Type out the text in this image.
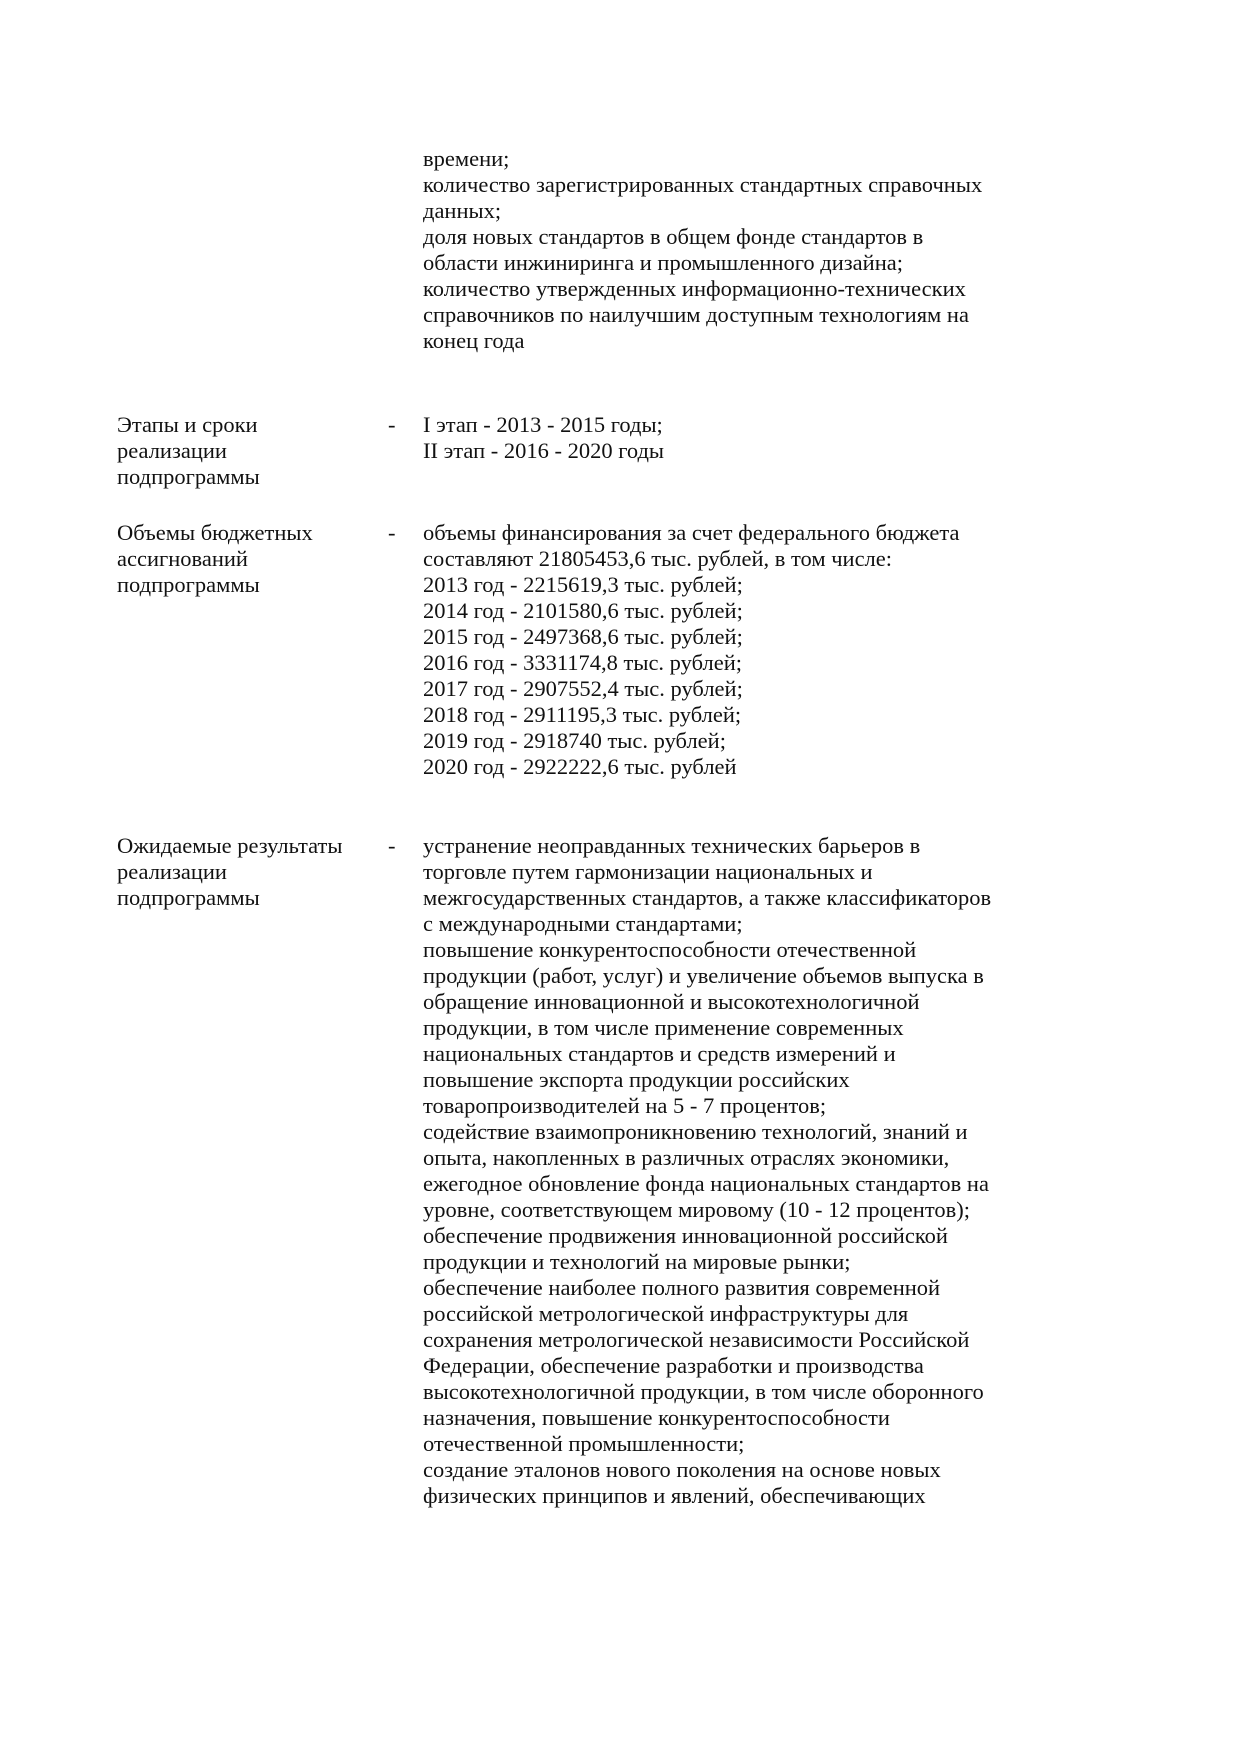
времени;
количество зарегистрированных стандартных справочных
данных;
доля новых стандартов в общем фонде стандартов в
области инжиниринга и промышленного дизайна;
количество утвержденных информационно-технических
справочников по наилучшим доступным технологиям на
конец года
Этапы и сроки
реализации
подпрограммы
- I этап - 2013 - 2015 годы;
II этап - 2016 - 2020 годы
Объемы бюджетных
ассигнований
подпрограммы
- объемы финансирования за счет федерального бюджета
составляют 21805453,6 тыс. рублей, в том числе:
2013 год - 2215619,3 тыс. рублей;
2014 год - 2101580,6 тыс. рублей;
2015 год - 2497368,6 тыс. рублей;
2016 год - 3331174,8 тыс. рублей;
2017 год - 2907552,4 тыс. рублей;
2018 год - 2911195,3 тыс. рублей;
2019 год - 2918740 тыс. рублей;
2020 год - 2922222,6 тыс. рублей
Ожидаемые результаты
реализации
подпрограммы
- устранение неоправданных технических барьеров в
торговле путем гармонизации национальных и
межгосударственных стандартов, а также классификаторов
с международными стандартами;
повышение конкурентоспособности отечественной
продукции (работ, услуг) и увеличение объемов выпуска в
обращение инновационной и высокотехнологичной
продукции, в том числе применение современных
национальных стандартов и средств измерений и
повышение экспорта продукции российских
товаропроизводителей на 5 - 7 процентов;
содействие взаимопроникновению технологий, знаний и
опыта, накопленных в различных отраслях экономики,
ежегодное обновление фонда национальных стандартов на
уровне, соответствующем мировому (10 - 12 процентов);
обеспечение продвижения инновационной российской
продукции и технологий на мировые рынки;
обеспечение наиболее полного развития современной
российской метрологической инфраструктуры для
сохранения метрологической независимости Российской
Федерации, обеспечение разработки и производства
высокотехнологичной продукции, в том числе оборонного
назначения, повышение конкурентоспособности
отечественной промышленности;
создание эталонов нового поколения на основе новых
физических принципов и явлений, обеспечивающих
